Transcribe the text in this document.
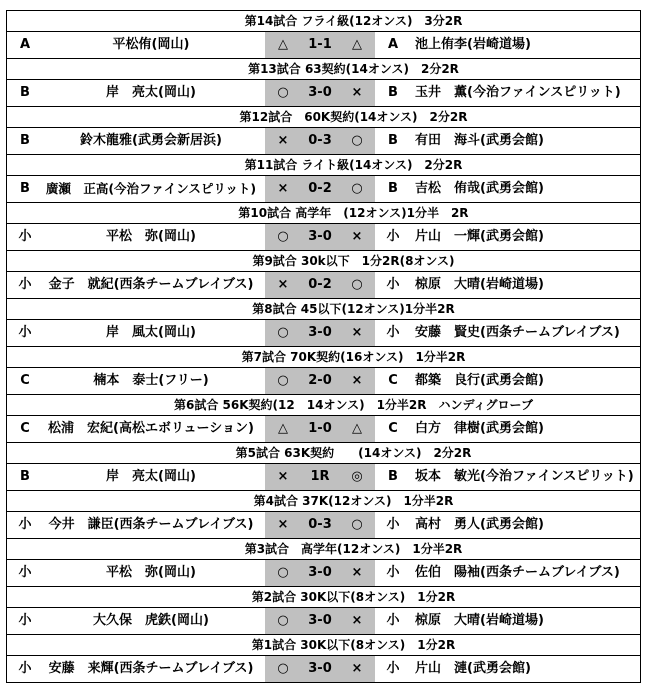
第14試合 フライ級(12オンス)　3分2R
A	平松侑(岡山)	△	1-1	△	A	池上侑李(岩崎道場)
第13試合 63契約(14オンス)　2分2R
B	岸　亮太(岡山)	○	3-0	×	B	玉井　薫(今治ファインスピリット)
第12試合　60K契約(14オンス)　2分2R
B	鈴木龍雅(武勇会新居浜)	×	0-3	○	B	有田　海斗(武勇会館)
第11試合 ライト級(14オンス)　2分2R
B	廣瀬　正高(今治ファインスピリット)	×	0-2	○	B	吉松　侑哉(武勇会館)
第10試合 高学年　(12オンス)1分半　2R
小	平松　弥(岡山)	○	3-0	×	小	片山　一輝(武勇会館)
第9試合 30k以下　1分2R(8オンス)
小	金子　就紀(西条チームブレイブス)	×	0-2	○	小	椋原　大晴(岩崎道場)
第8試合 45以下(12オンス)1分半2R
小	岸　風太(岡山)	○	3-0	×	小	安藤　賢史(西条チームブレイブス)
第7試合 70K契約(16オンス)　1分半2R
C	楠本　泰士(フリー)	○	2-0	×	C	都築　良行(武勇会館)
第6試合 56K契約(12　14オンス)　1分半2R　ハンディグローブ
C	松浦　宏紀(高松エボリューション)	△	1-0	△	C	白方　律樹(武勇会館)
第5試合 63K契約　　(14オンス)　2分2R
B	岸　亮太(岡山)	×	1R	◎	B	坂本　敏光(今治ファインスピリット)
第4試合 37K(12オンス)　1分半2R
小	今井　謙臣(西条チームブレイブス)	×	0-3	○	小	高村　勇人(武勇会館)
第3試合　高学年(12オンス)　1分半2R
小	平松　弥(岡山)	○	3-0	×	小	佐伯　陽袖(西条チームブレイブス)
第2試合 30K以下(8オンス)　1分2R
小	大久保　虎鉄(岡山)	○	3-0	×	小	椋原　大晴(岩崎道場)
第1試合 30K以下(8オンス)　1分2R
小	安藤　来輝(西条チームブレイブス)	○	3-0	×	小	片山　漣(武勇会館)
